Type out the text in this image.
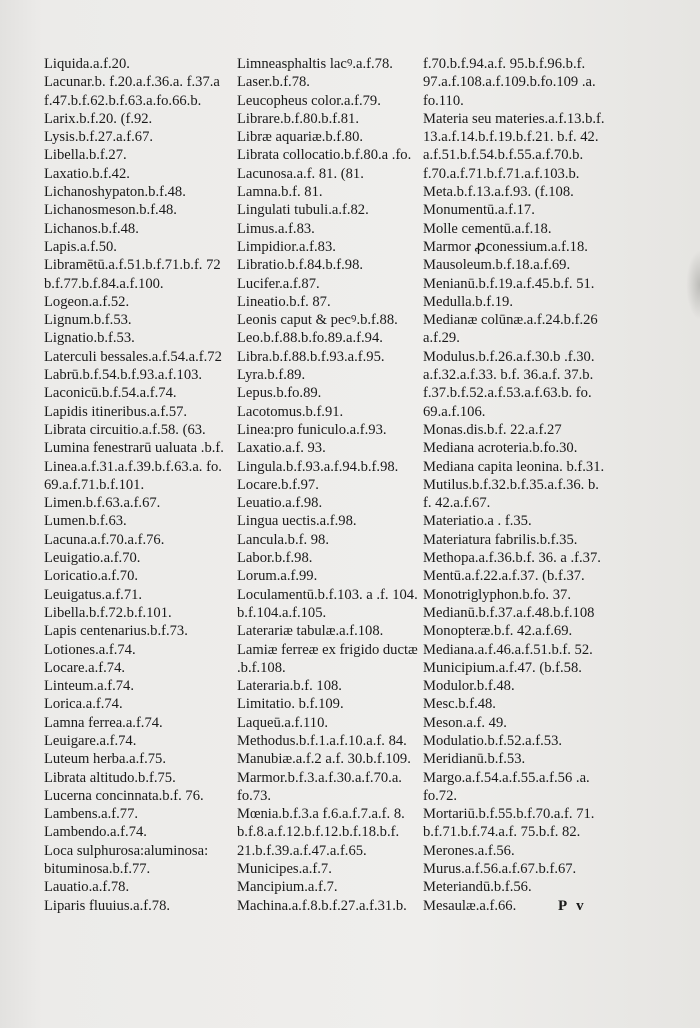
Liquida.a.f.20.
Lacunar.b. f.20.a.f.36.a. f.37.a
f.47.b.f.62.b.f.63.a.fo.66.b.
Larix.b.f.20. (f.92.
Lysis.b.f.27.a.f.67.
Libella.b.f.27.
Laxatio.b.f.42.
Lichanoshypaton.b.f.48.
Lichanosmeson.b.f.48.
Lichanos.b.f.48.
Lapis.a.f.50.
Libramētū.a.f.51.b.f.71.b.f. 72
b.f.77.b.f.84.a.f.100.
Logeon.a.f.52.
Lignum.b.f.53.
Lignatio.b.f.53.
Laterculi bessales.a.f.54.a.f.72
Labrū.b.f.54.b.f.93.a.f.103.
Laconicū.b.f.54.a.f.74.
Lapidis itineribus.a.f.57.
Librata circuitio.a.f.58. (63.
Lumina fenestrarū ualuata .b.f.
Linea.a.f.31.a.f.39.b.f.63.a. fo.
69.a.f.71.b.f.101.
Limen.b.f.63.a.f.67.
Lumen.b.f.63.
Lacuna.a.f.70.a.f.76.
Leuigatio.a.f.70.
Loricatio.a.f.70.
Leuigatus.a.f.71.
Libella.b.f.72.b.f.101.
Lapis centenarius.b.f.73.
Lotiones.a.f.74.
Locare.a.f.74.
Linteum.a.f.74.
Lorica.a.f.74.
Lamna ferrea.a.f.74.
Leuigare.a.f.74.
Luteum herba.a.f.75.
Librata altitudo.b.f.75.
Lucerna concinnata.b.f. 76.
Lambens.a.f.77.
Lambendo.a.f.74.
Loca sulphurosa:aluminosa:
bituminosa.b.f.77.
Lauatio.a.f.78.
Liparis fluuius.a.f.78.
Limneasphaltis lacꝰ.a.f.78.
Laser.b.f.78.
Leucopheus color.a.f.79.
Librare.b.f.80.b.f.81.
Libræ aquariæ.b.f.80.
Librata collocatio.b.f.80.a .fo.
Lacunosa.a.f. 81. (81.
Lamna.b.f. 81.
Lingulati tubuli.a.f.82.
Limus.a.f.83.
Limpidior.a.f.83.
Libratio.b.f.84.b.f.98.
Lucifer.a.f.87.
Lineatio.b.f. 87.
Leonis caput & pecꝰ.b.f.88.
Leo.b.f.88.b.fo.89.a.f.94.
Libra.b.f.88.b.f.93.a.f.95.
Lyra.b.f.89.
Lepus.b.fo.89.
Lacotomus.b.f.91.
Linea:pro funiculo.a.f.93.
Laxatio.a.f. 93.
Lingula.b.f.93.a.f.94.b.f.98.
Locare.b.f.97.
Leuatio.a.f.98.
Lingua uectis.a.f.98.
Lancula.b.f. 98.
Labor.b.f.98.
Lorum.a.f.99.
Loculamentū.b.f.103. a .f. 104.
b.f.104.a.f.105.
Laterariæ tabulæ.a.f.108.
Lamiæ ferreæ ex frigido ductæ
.b.f.108.
Lateraria.b.f. 108.
Limitatio. b.f.109.
Laqueū.a.f.110.
Methodus.b.f.1.a.f.10.a.f. 84.
Manubiæ.a.f.2 a.f. 30.b.f.109.
Marmor.b.f.3.a.f.30.a.f.70.a.
fo.73.
Mœnia.b.f.3.a f.6.a.f.7.a.f. 8.
b.f.8.a.f.12.b.f.12.b.f.18.b.f.
21.b.f.39.a.f.47.a.f.65.
Municipes.a.f.7.
Mancipium.a.f.7.
Machina.a.f.8.b.f.27.a.f.31.b.
f.70.b.f.94.a.f. 95.b.f.96.b.f.
97.a.f.108.a.f.109.b.fo.109 .a.
fo.110.
Materia seu materies.a.f.13.b.f.
13.a.f.14.b.f.19.b.f.21. b.f. 42.
a.f.51.b.f.54.b.f.55.a.f.70.b.
f.70.a.f.71.b.f.71.a.f.103.b.
Meta.b.f.13.a.f.93. (f.108.
Monumentū.a.f.17.
Molle cementū.a.f.18.
Marmor ꝓconessium.a.f.18.
Mausoleum.b.f.18.a.f.69.
Menianū.b.f.19.a.f.45.b.f. 51.
Medulla.b.f.19.
Medianæ colūnæ.a.f.24.b.f.26
a.f.29.
Modulus.b.f.26.a.f.30.b .f.30.
a.f.32.a.f.33. b.f. 36.a.f. 37.b.
f.37.b.f.52.a.f.53.a.f.63.b. fo.
69.a.f.106.
Monas.dis.b.f. 22.a.f.27
Mediana acroteria.b.fo.30.
Mediana capita leonina. b.f.31.
Mutilus.b.f.32.b.f.35.a.f.36. b.
f. 42.a.f.67.
Materiatio.a . f.35.
Materiatura fabrilis.b.f.35.
Methopa.a.f.36.b.f. 36. a .f.37.
Mentū.a.f.22.a.f.37. (b.f.37.
Monotriglyphon.b.fo. 37.
Medianū.b.f.37.a.f.48.b.f.108
Monopteræ.b.f. 42.a.f.69.
Mediana.a.f.46.a.f.51.b.f. 52.
Municipium.a.f.47. (b.f.58.
Modulor.b.f.48.
Mesc.b.f.48.
Meson.a.f. 49.
Modulatio.b.f.52.a.f.53.
Meridianū.b.f.53.
Margo.a.f.54.a.f.55.a.f.56 .a.
fo.72.
Mortariū.b.f.55.b.f.70.a.f. 71.
b.f.71.b.f.74.a.f. 75.b.f. 82.
Merones.a.f.56.
Murus.a.f.56.a.f.67.b.f.67.
Meteriandū.b.f.56.
Mesaulæ.a.f.66.	P v
